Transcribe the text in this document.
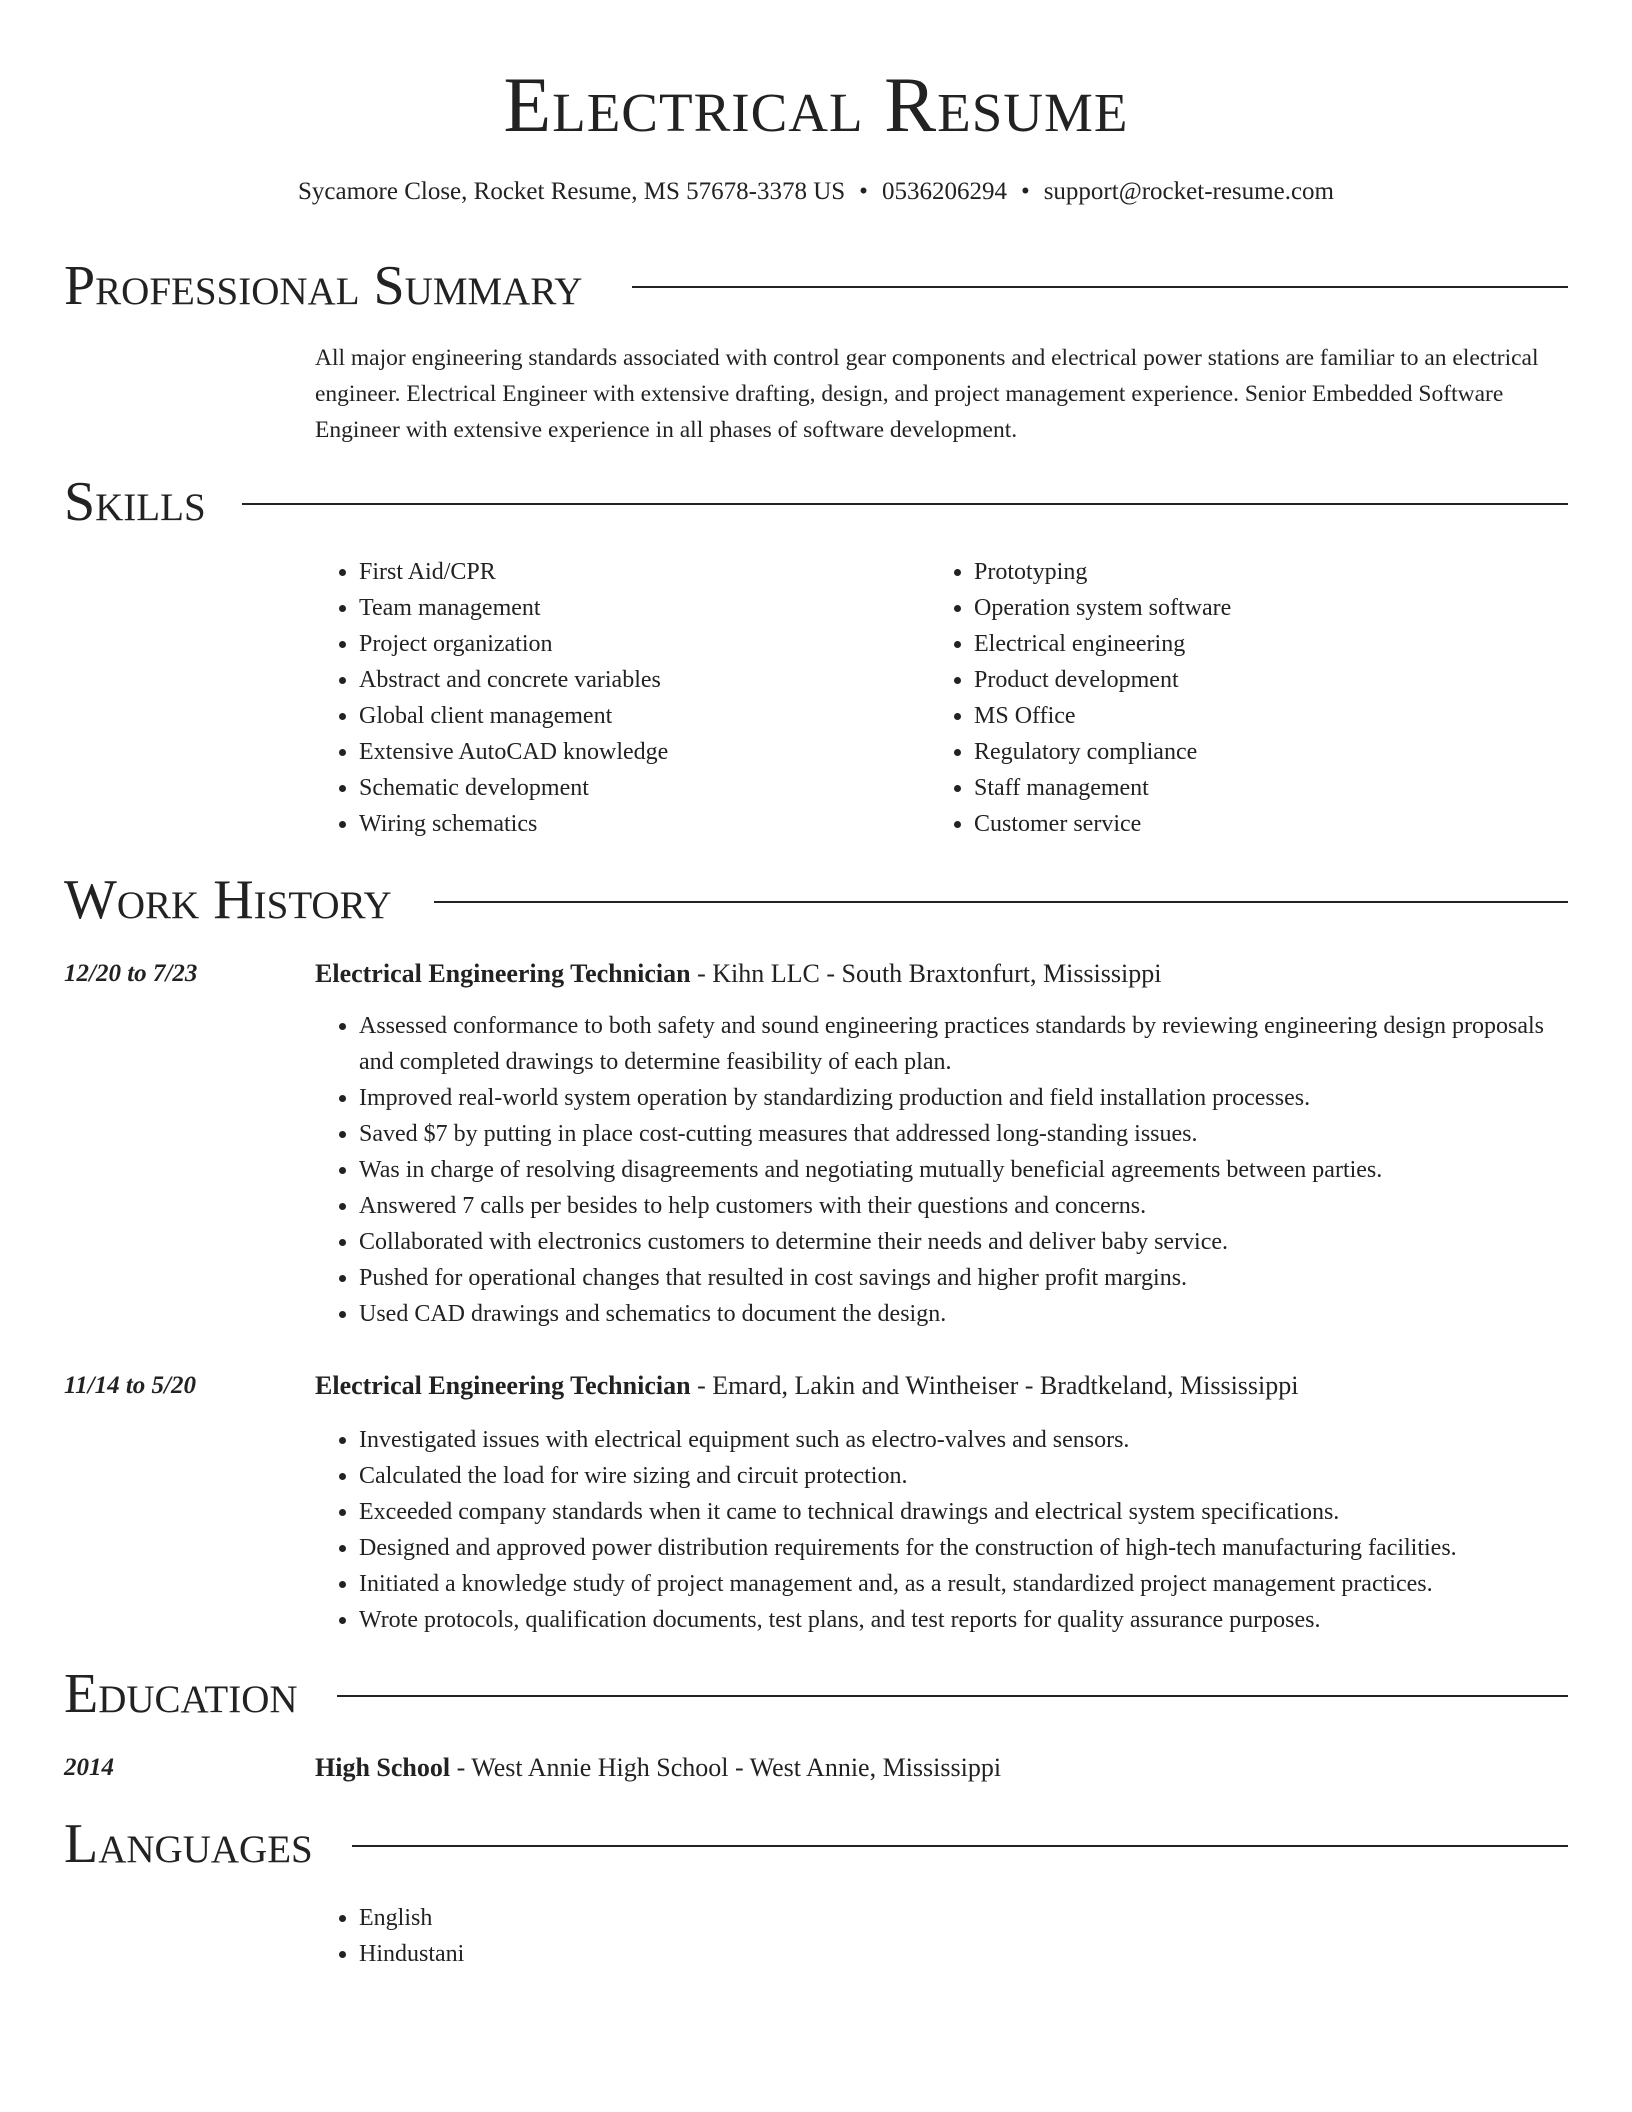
Electrical Resume
Sycamore Close, Rocket Resume, MS 57678-3378 US • 0536206294 • support@rocket-resume.com
Professional Summary
All major engineering standards associated with control gear components and electrical power stations are familiar to an electrical engineer. Electrical Engineer with extensive drafting, design, and project management experience. Senior Embedded Software Engineer with extensive experience in all phases of software development.
Skills
• First Aid/CPR
• Team management
• Project organization
• Abstract and concrete variables
• Global client management
• Extensive AutoCAD knowledge
• Schematic development
• Wiring schematics
• Prototyping
• Operation system software
• Electrical engineering
• Product development
• MS Office
• Regulatory compliance
• Staff management
• Customer service
Work History
12/20 to 7/23	Electrical Engineering Technician - Kihn LLC - South Braxtonfurt, Mississippi
• Assessed conformance to both safety and sound engineering practices standards by reviewing engineering design proposals and completed drawings to determine feasibility of each plan.
• Improved real-world system operation by standardizing production and field installation processes.
• Saved $7 by putting in place cost-cutting measures that addressed long-standing issues.
• Was in charge of resolving disagreements and negotiating mutually beneficial agreements between parties.
• Answered 7 calls per besides to help customers with their questions and concerns.
• Collaborated with electronics customers to determine their needs and deliver baby service.
• Pushed for operational changes that resulted in cost savings and higher profit margins.
• Used CAD drawings and schematics to document the design.
11/14 to 5/20	Electrical Engineering Technician - Emard, Lakin and Wintheiser - Bradtkeland, Mississippi
• Investigated issues with electrical equipment such as electro-valves and sensors.
• Calculated the load for wire sizing and circuit protection.
• Exceeded company standards when it came to technical drawings and electrical system specifications.
• Designed and approved power distribution requirements for the construction of high-tech manufacturing facilities.
• Initiated a knowledge study of project management and, as a result, standardized project management practices.
• Wrote protocols, qualification documents, test plans, and test reports for quality assurance purposes.
Education
2014	High School - West Annie High School - West Annie, Mississippi
Languages
• English
• Hindustani
